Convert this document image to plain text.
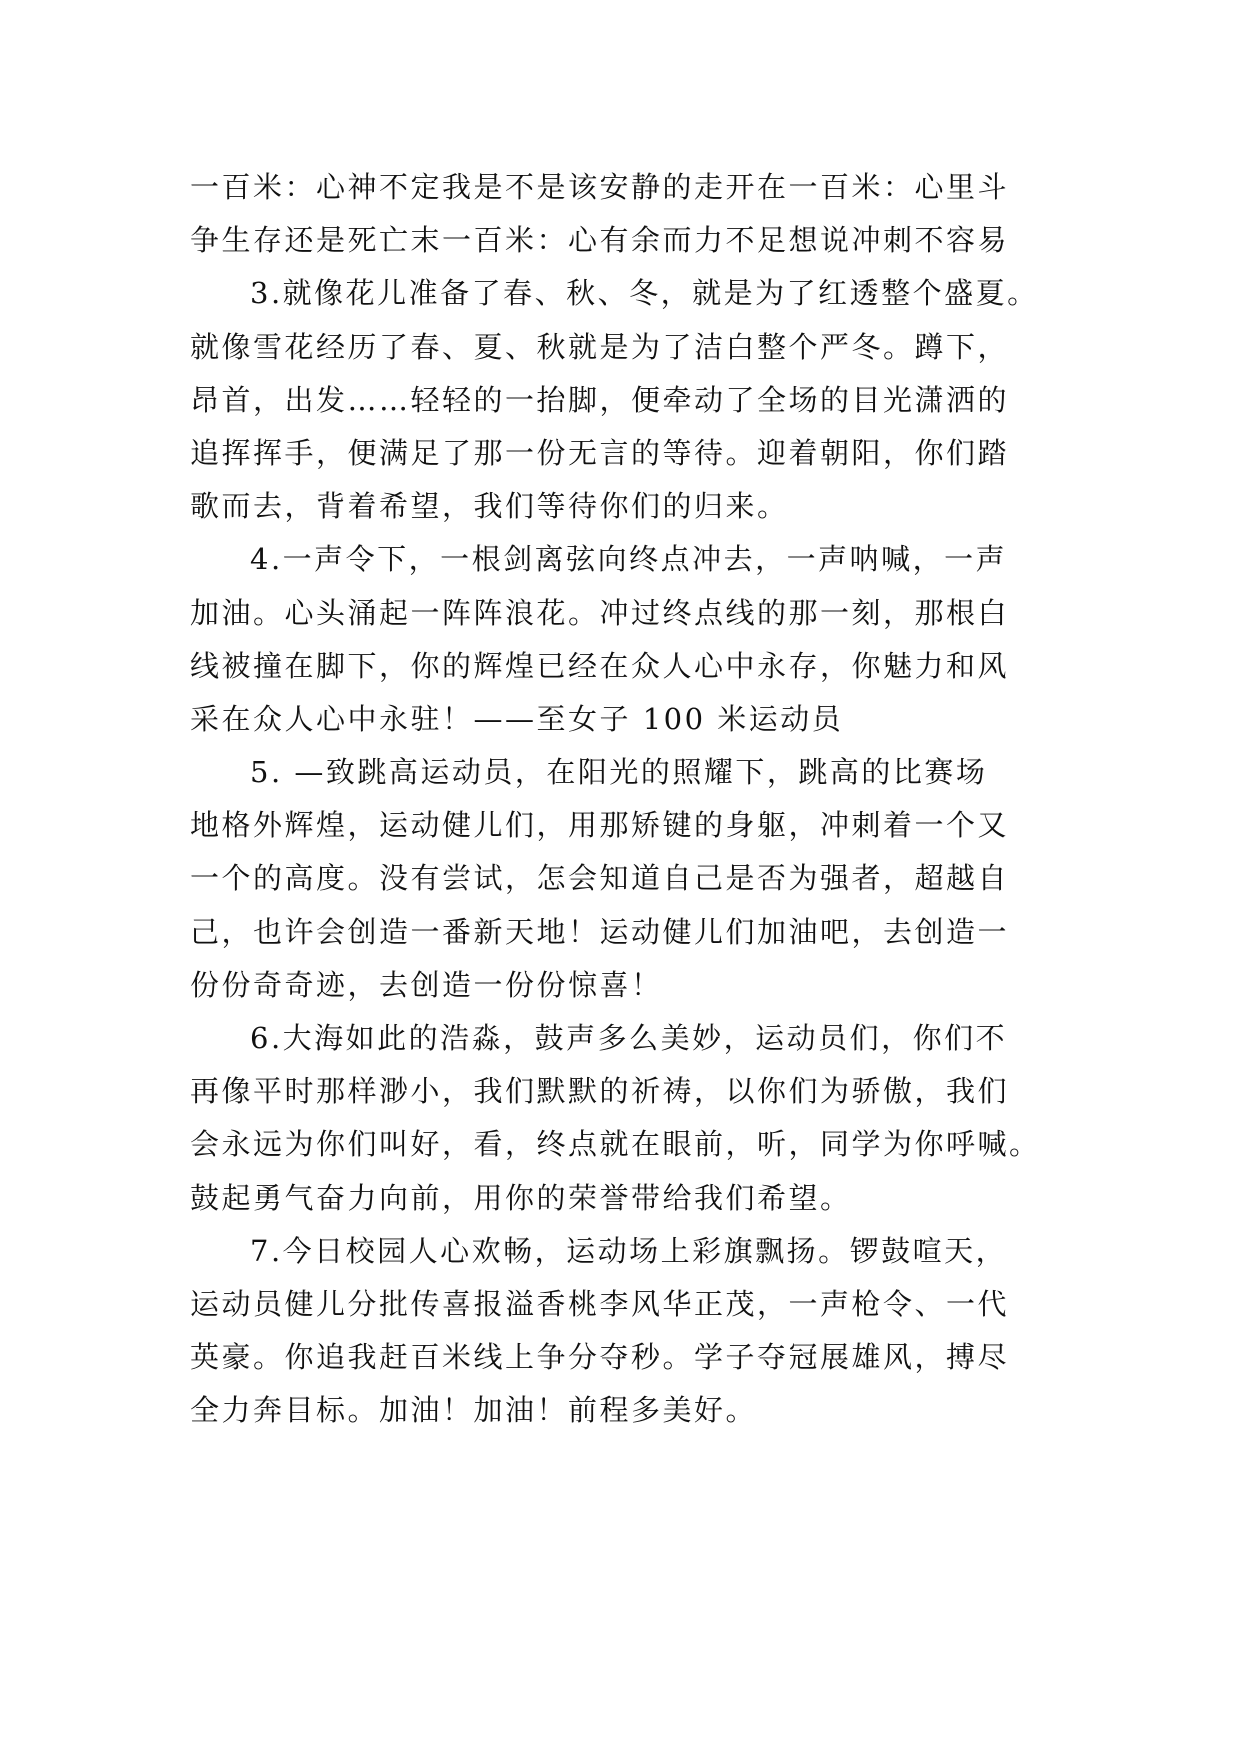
一百米：心神不定我是不是该安静的走开在一百米：心里斗
争生存还是死亡末一百米：心有余而力不足想说冲刺不容易
3.就像花儿准备了春、秋、冬，就是为了红透整个盛夏。
就像雪花经历了春、夏、秋就是为了洁白整个严冬。蹲下，
昂首，出发……轻轻的一抬脚，便牵动了全场的目光潇洒的
追挥挥手，便满足了那一份无言的等待。迎着朝阳，你们踏
歌而去，背着希望，我们等待你们的归来。
4.一声令下，一根剑离弦向终点冲去，一声呐喊，一声
加油。心头涌起一阵阵浪花。冲过终点线的那一刻，那根白
线被撞在脚下，你的辉煌已经在众人心中永存，你魅力和风
采在众人心中永驻！——至女子 100 米运动员
5. —致跳高运动员，在阳光的照耀下，跳高的比赛场
地格外辉煌，运动健儿们，用那矫键的身躯，冲刺着一个又
一个的高度。没有尝试，怎会知道自己是否为强者，超越自
己，也许会创造一番新天地！运动健儿们加油吧，去创造一
份份奇奇迹，去创造一份份惊喜！
6.大海如此的浩淼，鼓声多么美妙，运动员们，你们不
再像平时那样渺小，我们默默的祈祷，以你们为骄傲，我们
会永远为你们叫好，看，终点就在眼前，听，同学为你呼喊。
鼓起勇气奋力向前，用你的荣誉带给我们希望。
7.今日校园人心欢畅，运动场上彩旗飘扬。锣鼓喧天，
运动员健儿分批传喜报溢香桃李风华正茂，一声枪令、一代
英豪。你追我赶百米线上争分夺秒。学子夺冠展雄风，搏尽
全力奔目标。加油！加油！前程多美好。
